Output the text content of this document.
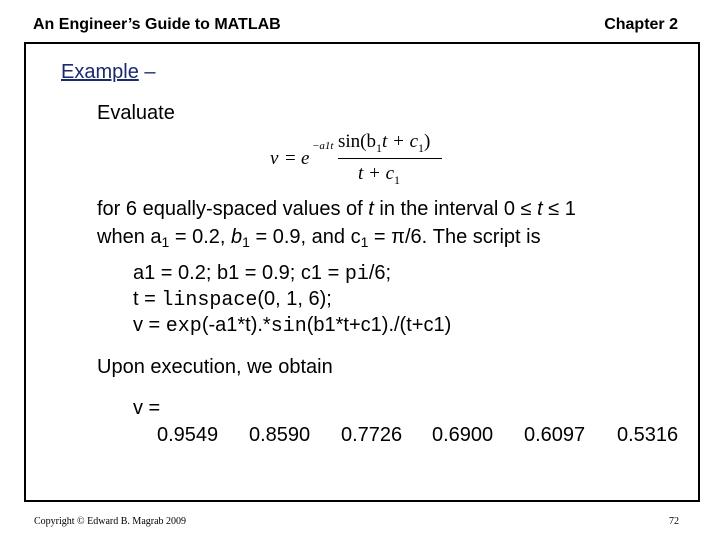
An Engineer’s Guide to MATLAB	Chapter 2
Example –
Evaluate
v = e
−a1t $\sin(b_1t + c_1)$
$t + c_1$
for 6 equally-spaced values of t in the interval 0 ≤ t ≤ 1
when $a_1 = 0.2$, $b_1 = 0.9$, and $c_1 = \pi/6$. The script is
a1 = 0.2; b1 = 0.9; c1 = pi/6;
t = linspace(0, 1, 6);
v = exp(-a1*t).*sin(b1*t+c1)./(t+c1)
Upon execution, we obtain
v =
0.9549 0.8590 0.7726 0.6900 0.6097 0.5316
Copyright © Edward B. Magrab 2009	72
